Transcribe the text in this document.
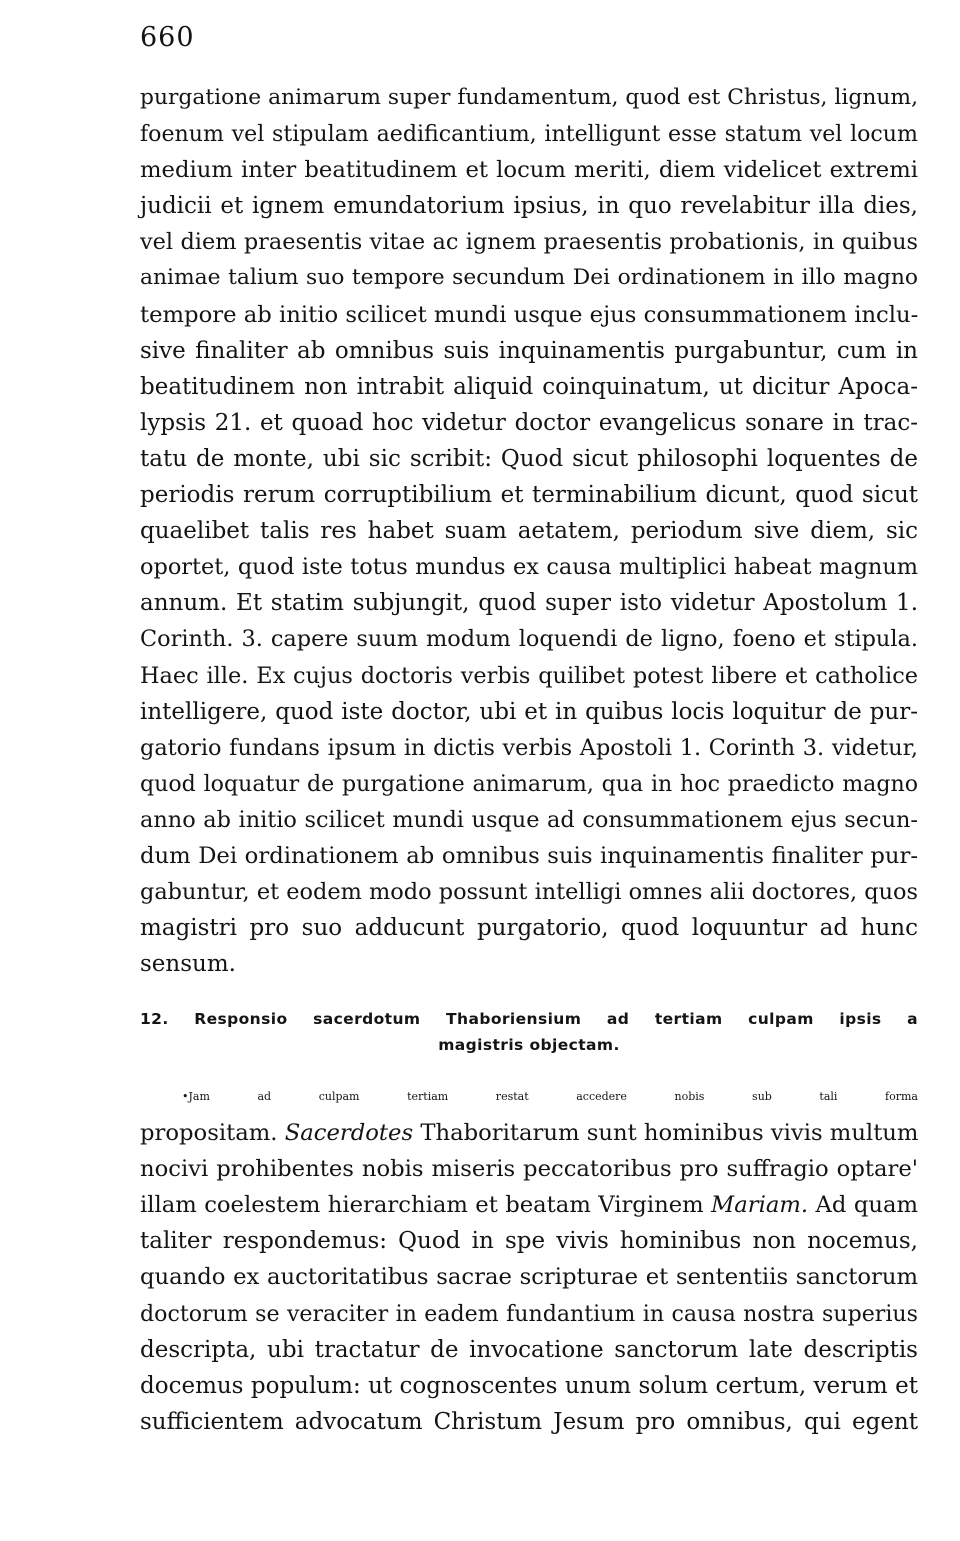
660
purgatione animarum super fundamentum, quod est Christus, lignum,
foenum vel stipulam aedificantium, intelligunt esse statum vel locum
medium inter beatitudinem et locum meriti, diem videlicet extremi
judicii et ignem emundatorium ipsius, in quo revelabitur illa dies,
vel diem praesentis vitae ac ignem praesentis probationis, in quibus
animae talium suo tempore secundum Dei ordinationem in illo magno
tempore ab initio scilicet mundi usque ejus consummationem inclu-
sive finaliter ab omnibus suis inquinamentis purgabuntur, cum in
beatitudinem non intrabit aliquid coinquinatum, ut dicitur Apoca-
lypsis 21. et quoad hoc videtur doctor evangelicus sonare in trac-
tatu de monte, ubi sic scribit: Quod sicut philosophi loquentes de
periodis rerum corruptibilium et terminabilium dicunt, quod sicut
quaelibet talis res habet suam aetatem, periodum sive diem, sic
oportet, quod iste totus mundus ex causa multiplici habeat magnum
annum. Et statim subjungit, quod super isto videtur Apostolum 1.
Corinth. 3. capere suum modum loquendi de ligno, foeno et stipula.
Haec ille. Ex cujus doctoris verbis quilibet potest libere et catholice
intelligere, quod iste doctor, ubi et in quibus locis loquitur de pur-
gatorio fundans ipsum in dictis verbis Apostoli 1. Corinth 3. videtur,
quod loquatur de purgatione animarum, qua in hoc praedicto magno
anno ab initio scilicet mundi usque ad consummationem ejus secun-
dum Dei ordinationem ab omnibus suis inquinamentis finaliter pur-
gabuntur, et eodem modo possunt intelligi omnes alii doctores, quos
magistri pro suo adducunt purgatorio, quod loquuntur ad hunc
sensum.
12. Responsio sacerdotum Thaboriensium ad tertiam culpam ipsis a
magistris objectam.
•Jam ad culpam tertiam restat accedere nobis sub tali forma
propositam. Sacerdotes Thaboritarum sunt hominibus vivis multum
nocivi prohibentes nobis miseris peccatoribus pro suffragio optare'
illam coelestem hierarchiam et beatam Virginem Mariam. Ad quam
taliter respondemus: Quod in spe vivis hominibus non nocemus,
quando ex auctoritatibus sacrae scripturae et sententiis sanctorum
doctorum se veraciter in eadem fundantium in causa nostra superius
descripta, ubi tractatur de invocatione sanctorum late descriptis
docemus populum: ut cognoscentes unum solum certum, verum et
sufficientem advocatum Christum Jesum pro omnibus, qui egent
